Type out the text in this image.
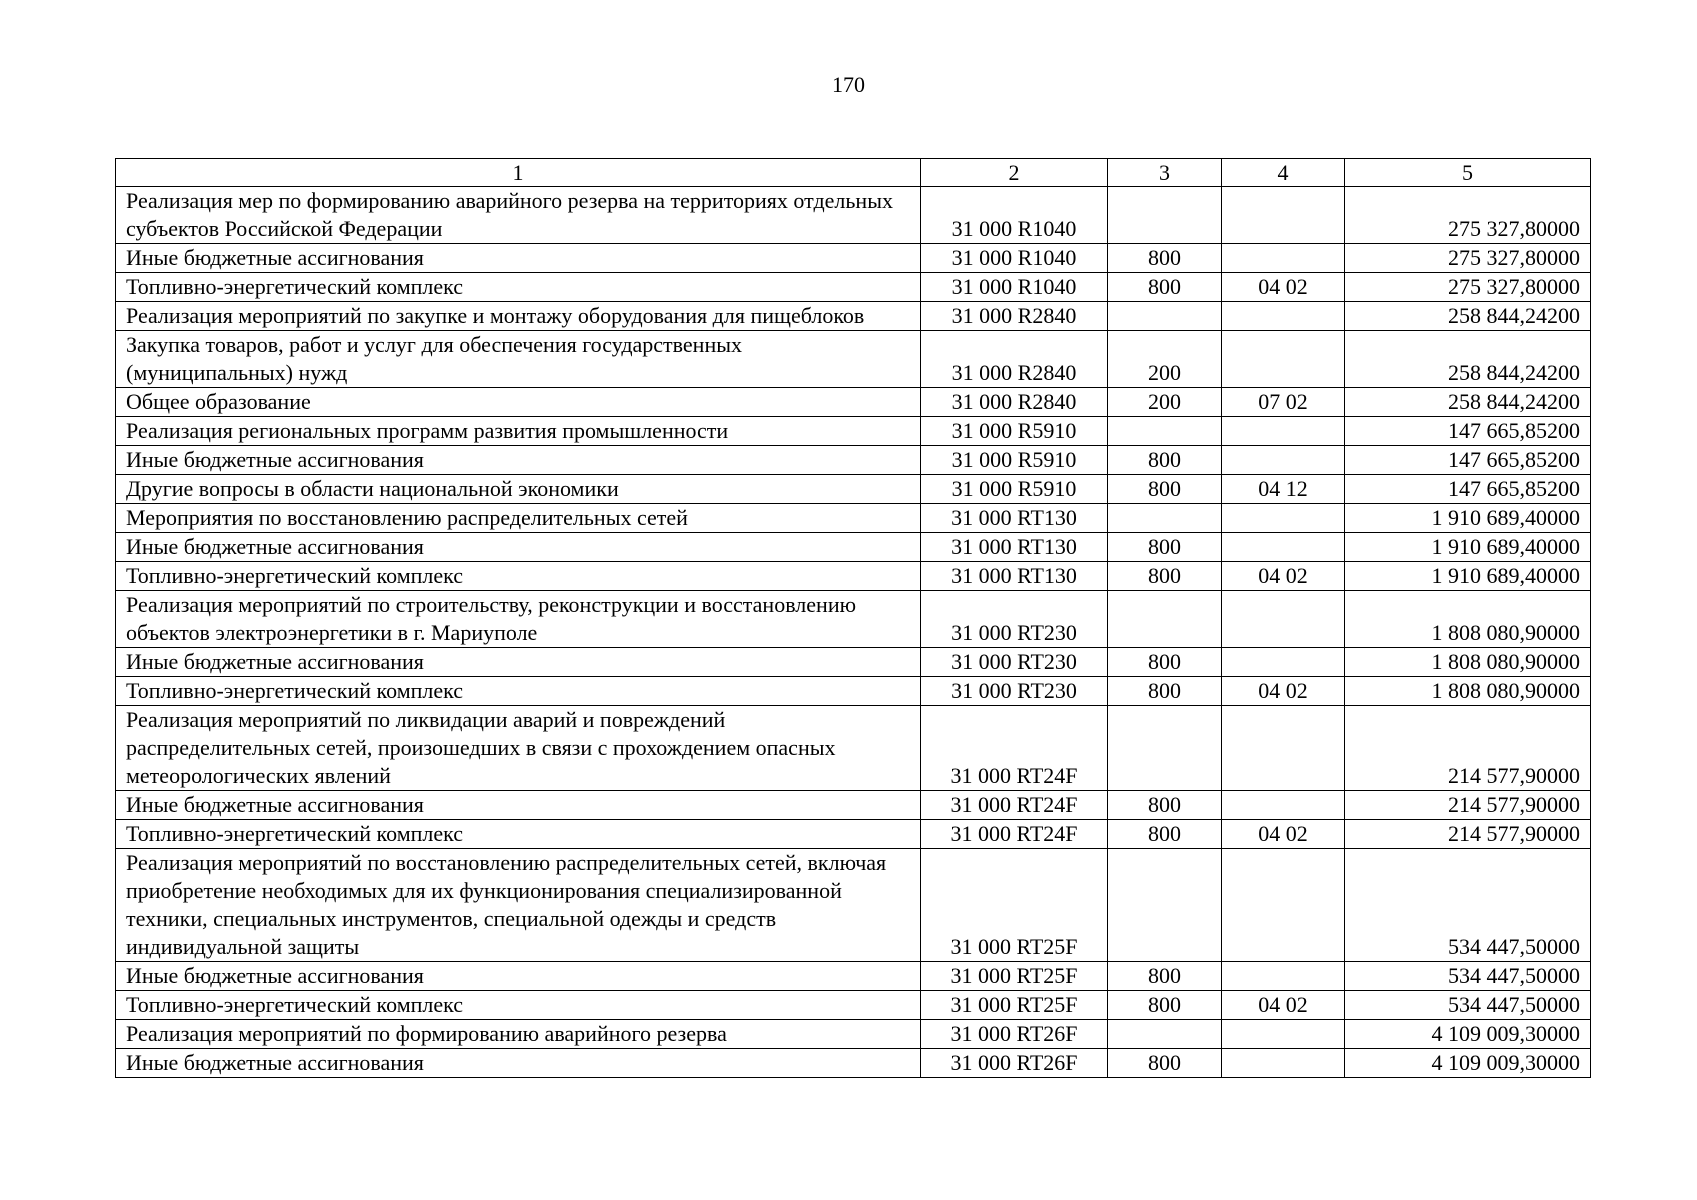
170
1	2	3	4	5
Реализация мер по формированию аварийного резерва на территориях отдельных субъектов Российской Федерации	31 000 R1040			275 327,80000
Иные бюджетные ассигнования	31 000 R1040	800		275 327,80000
Топливно-энергетический комплекс	31 000 R1040	800	04 02	275 327,80000
Реализация мероприятий по закупке и монтажу оборудования для пищеблоков	31 000 R2840			258 844,24200
Закупка товаров, работ и услуг для обеспечения государственных (муниципальных) нужд	31 000 R2840	200		258 844,24200
Общее образование	31 000 R2840	200	07 02	258 844,24200
Реализация региональных программ развития промышленности	31 000 R5910			147 665,85200
Иные бюджетные ассигнования	31 000 R5910	800		147 665,85200
Другие вопросы в области национальной экономики	31 000 R5910	800	04 12	147 665,85200
Мероприятия по восстановлению распределительных сетей	31 000 RT130			1 910 689,40000
Иные бюджетные ассигнования	31 000 RT130	800		1 910 689,40000
Топливно-энергетический комплекс	31 000 RT130	800	04 02	1 910 689,40000
Реализация мероприятий по строительству, реконструкции и восстановлению объектов электроэнергетики в г. Мариуполе	31 000 RT230			1 808 080,90000
Иные бюджетные ассигнования	31 000 RT230	800		1 808 080,90000
Топливно-энергетический комплекс	31 000 RT230	800	04 02	1 808 080,90000
Реализация мероприятий по ликвидации аварий и повреждений распределительных сетей, произошедших в связи с прохождением опасных метеорологических явлений	31 000 RT24F			214 577,90000
Иные бюджетные ассигнования	31 000 RT24F	800		214 577,90000
Топливно-энергетический комплекс	31 000 RT24F	800	04 02	214 577,90000
Реализация мероприятий по восстановлению распределительных сетей, включая приобретение необходимых для их функционирования специализированной техники, специальных инструментов, специальной одежды и средств индивидуальной защиты	31 000 RT25F			534 447,50000
Иные бюджетные ассигнования	31 000 RT25F	800		534 447,50000
Топливно-энергетический комплекс	31 000 RT25F	800	04 02	534 447,50000
Реализация мероприятий по формированию аварийного резерва	31 000 RT26F			4 109 009,30000
Иные бюджетные ассигнования	31 000 RT26F	800		4 109 009,30000
